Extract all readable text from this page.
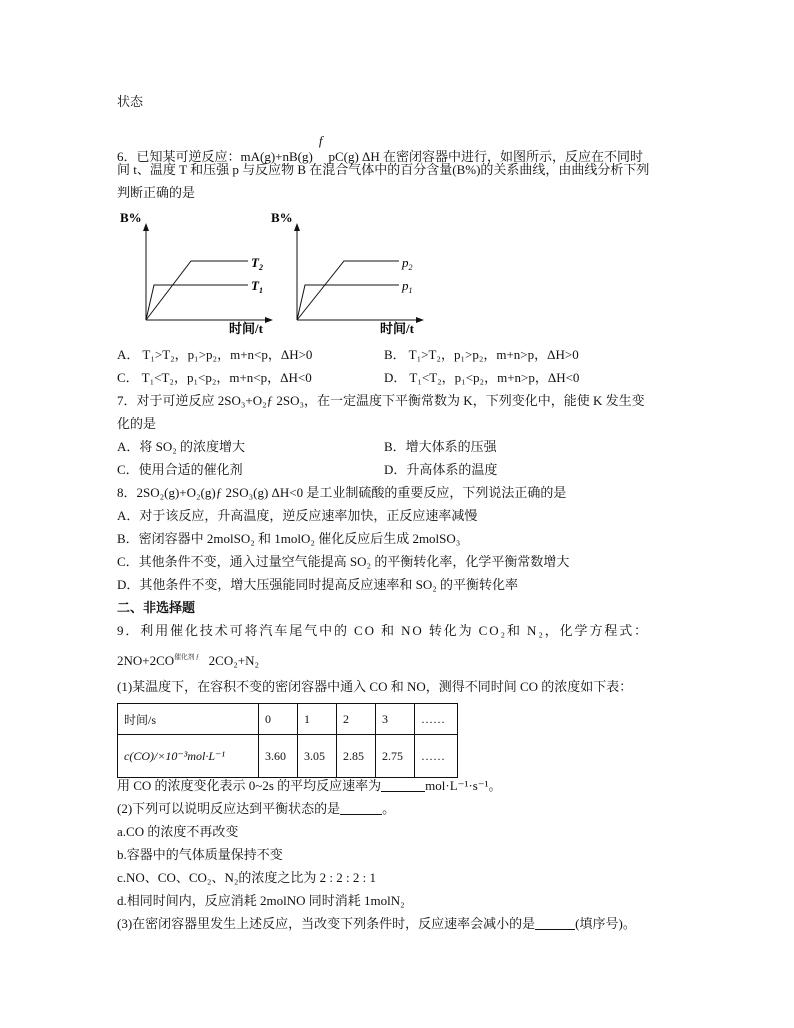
状态
6．已知某可逆反应：mA(g)+nB(g)fpC(g) ΔH 在密闭容器中进行，如图所示，反应在不同时
间 t、温度 T 和压强 p 与反应物 B 在混合气体中的百分含量(B%)的关系曲线，由曲线分析下列
判断正确的是
B%
$T_2$
$T_1$
时间/t
B%
$p_2$
$p_1$
时间/t
A． T₁>T₂，p₁>p₂，m+n<p，ΔH>0	B． T₁>T₂，p₁>p₂，m+n>p，ΔH>0
C． T₁<T₂，p₁<p₂，m+n<p，ΔH<0	D． T₁<T₂，p₁<p₂，m+n>p，ΔH<0
7．对于可逆反应 2SO₃+O₂ƒ 2SO₃，在一定温度下平衡常数为 K，下列变化中，能使 K 发生变
化的是
A．将 SO₂ 的浓度增大	B．增大体系的压强
C．使用合适的催化剂	D．升高体系的温度
8．2SO₂(g)+O₂(g)ƒ 2SO₃(g) ΔH<0 是工业制硫酸的重要反应，下列说法正确的是
A．对于该反应，升高温度，逆反应速率加快，正反应速率减慢
B．密闭容器中 2molSO₂ 和 1molO₂ 催化反应后生成 2molSO₃
C．其他条件不变，通入过量空气能提高 SO₂ 的平衡转化率，化学平衡常数增大
D．其他条件不变，增大压强能同时提高反应速率和 SO₂ 的平衡转化率
二、非选择题
9．利用催化技术可将汽车尾气中的 CO 和 NO 转化为 CO₂和 N₂，化学方程式：
$2NO+2CO^{催化剂 ƒ}$ 2CO₂+N₂
(1)某温度下，在容积不变的密闭容器中通入 CO 和 NO，测得不同时间 CO 的浓度如下表：
时间/s	0	1	2	3	……
c(CO)/×10⁻³mol·L⁻¹	3.60	3.05	2.85	2.75	……
用 CO 的浓度变化表示 0~2s 的平均反应速率为	mol·L⁻¹·s⁻¹。
(2)下列可以说明反应达到平衡状态的是	。
a.CO 的浓度不再改变
b.容器中的气体质量保持不变
c.NO、CO、CO₂、N₂的浓度之比为 2 : 2 : 2 : 1
d.相同时间内，反应消耗 2molNO 同时消耗 1molN₂
(3)在密闭容器里发生上述反应，当改变下列条件时，反应速率会减小的是	(填序号)。
